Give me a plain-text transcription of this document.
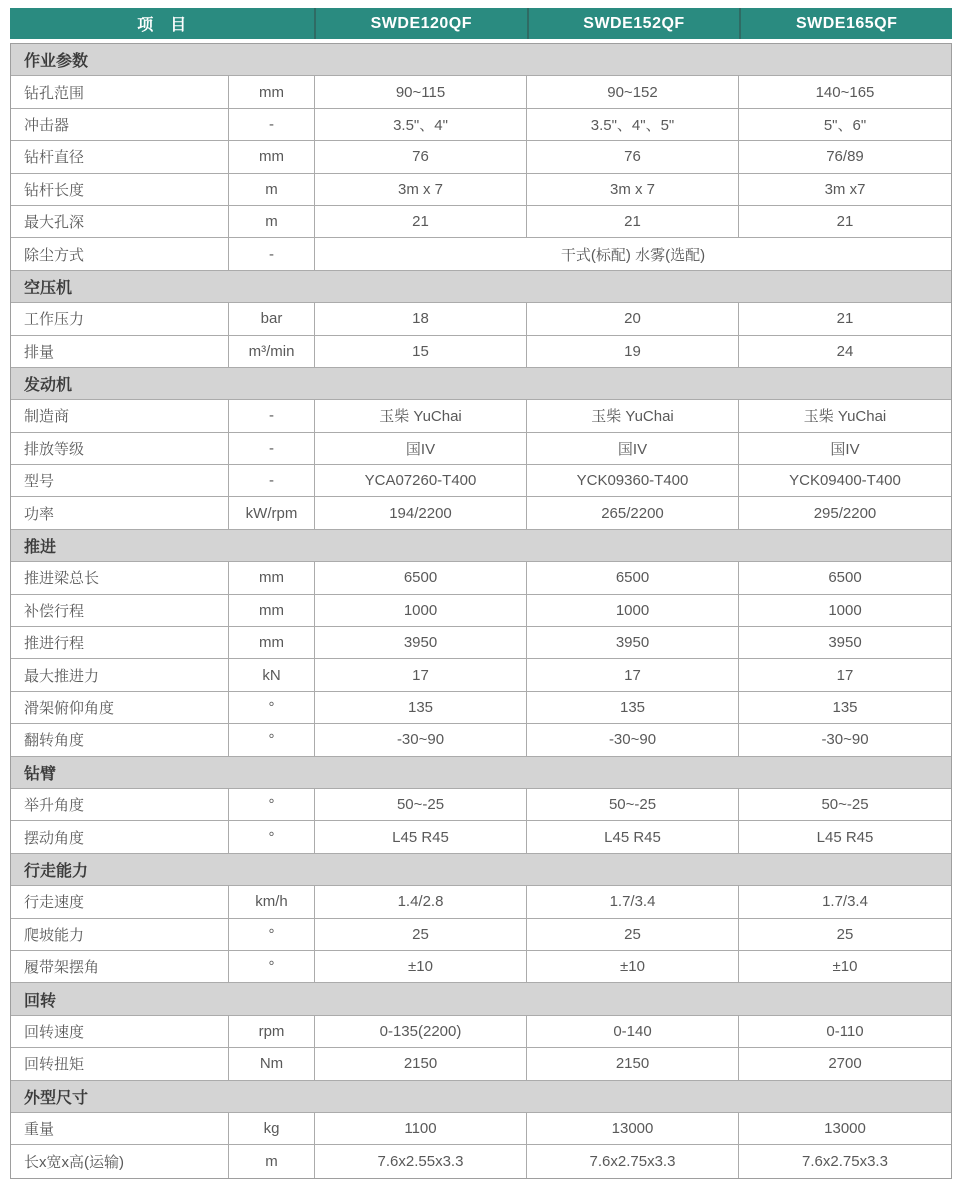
项　目	SWDE120QF	SWDE152QF	SWDE165QF
作业参数
钻孔范围	mm	90~115	90~152	140~165
冲击器	-	3.5"、4"	3.5"、4"、5"	5"、6"
钻杆直径	mm	76	76	76/89
钻杆长度	m	3m x 7	3m x 7	3m x7
最大孔深	m	21	21	21
除尘方式	-	干式(标配) 水雾(选配)
空压机
工作压力	bar	18	20	21
排量	m³/min	15	19	24
发动机
制造商	-	玉柴 YuChai	玉柴 YuChai	玉柴 YuChai
排放等级	-	国IV	国IV	国IV
型号	-	YCA07260-T400	YCK09360-T400	YCK09400-T400
功率	kW/rpm	194/2200	265/2200	295/2200
推进
推进梁总长	mm	6500	6500	6500
补偿行程	mm	1000	1000	1000
推进行程	mm	3950	3950	3950
最大推进力	kN	17	17	17
滑架俯仰角度	°	135	135	135
翻转角度	°	-30~90	-30~90	-30~90
钻臂
举升角度	°	50~-25	50~-25	50~-25
摆动角度	°	L45 R45	L45 R45	L45 R45
行走能力
行走速度	km/h	1.4/2.8	1.7/3.4	1.7/3.4
爬坡能力	°	25	25	25
履带架摆角	°	±10	±10	±10
回转
回转速度	rpm	0-135(2200)	0-140	0-110
回转扭矩	Nm	2150	2150	2700
外型尺寸
重量	kg	1100	13000	13000
长x宽x高(运输)	m	7.6x2.55x3.3	7.6x2.75x3.3	7.6x2.75x3.3
